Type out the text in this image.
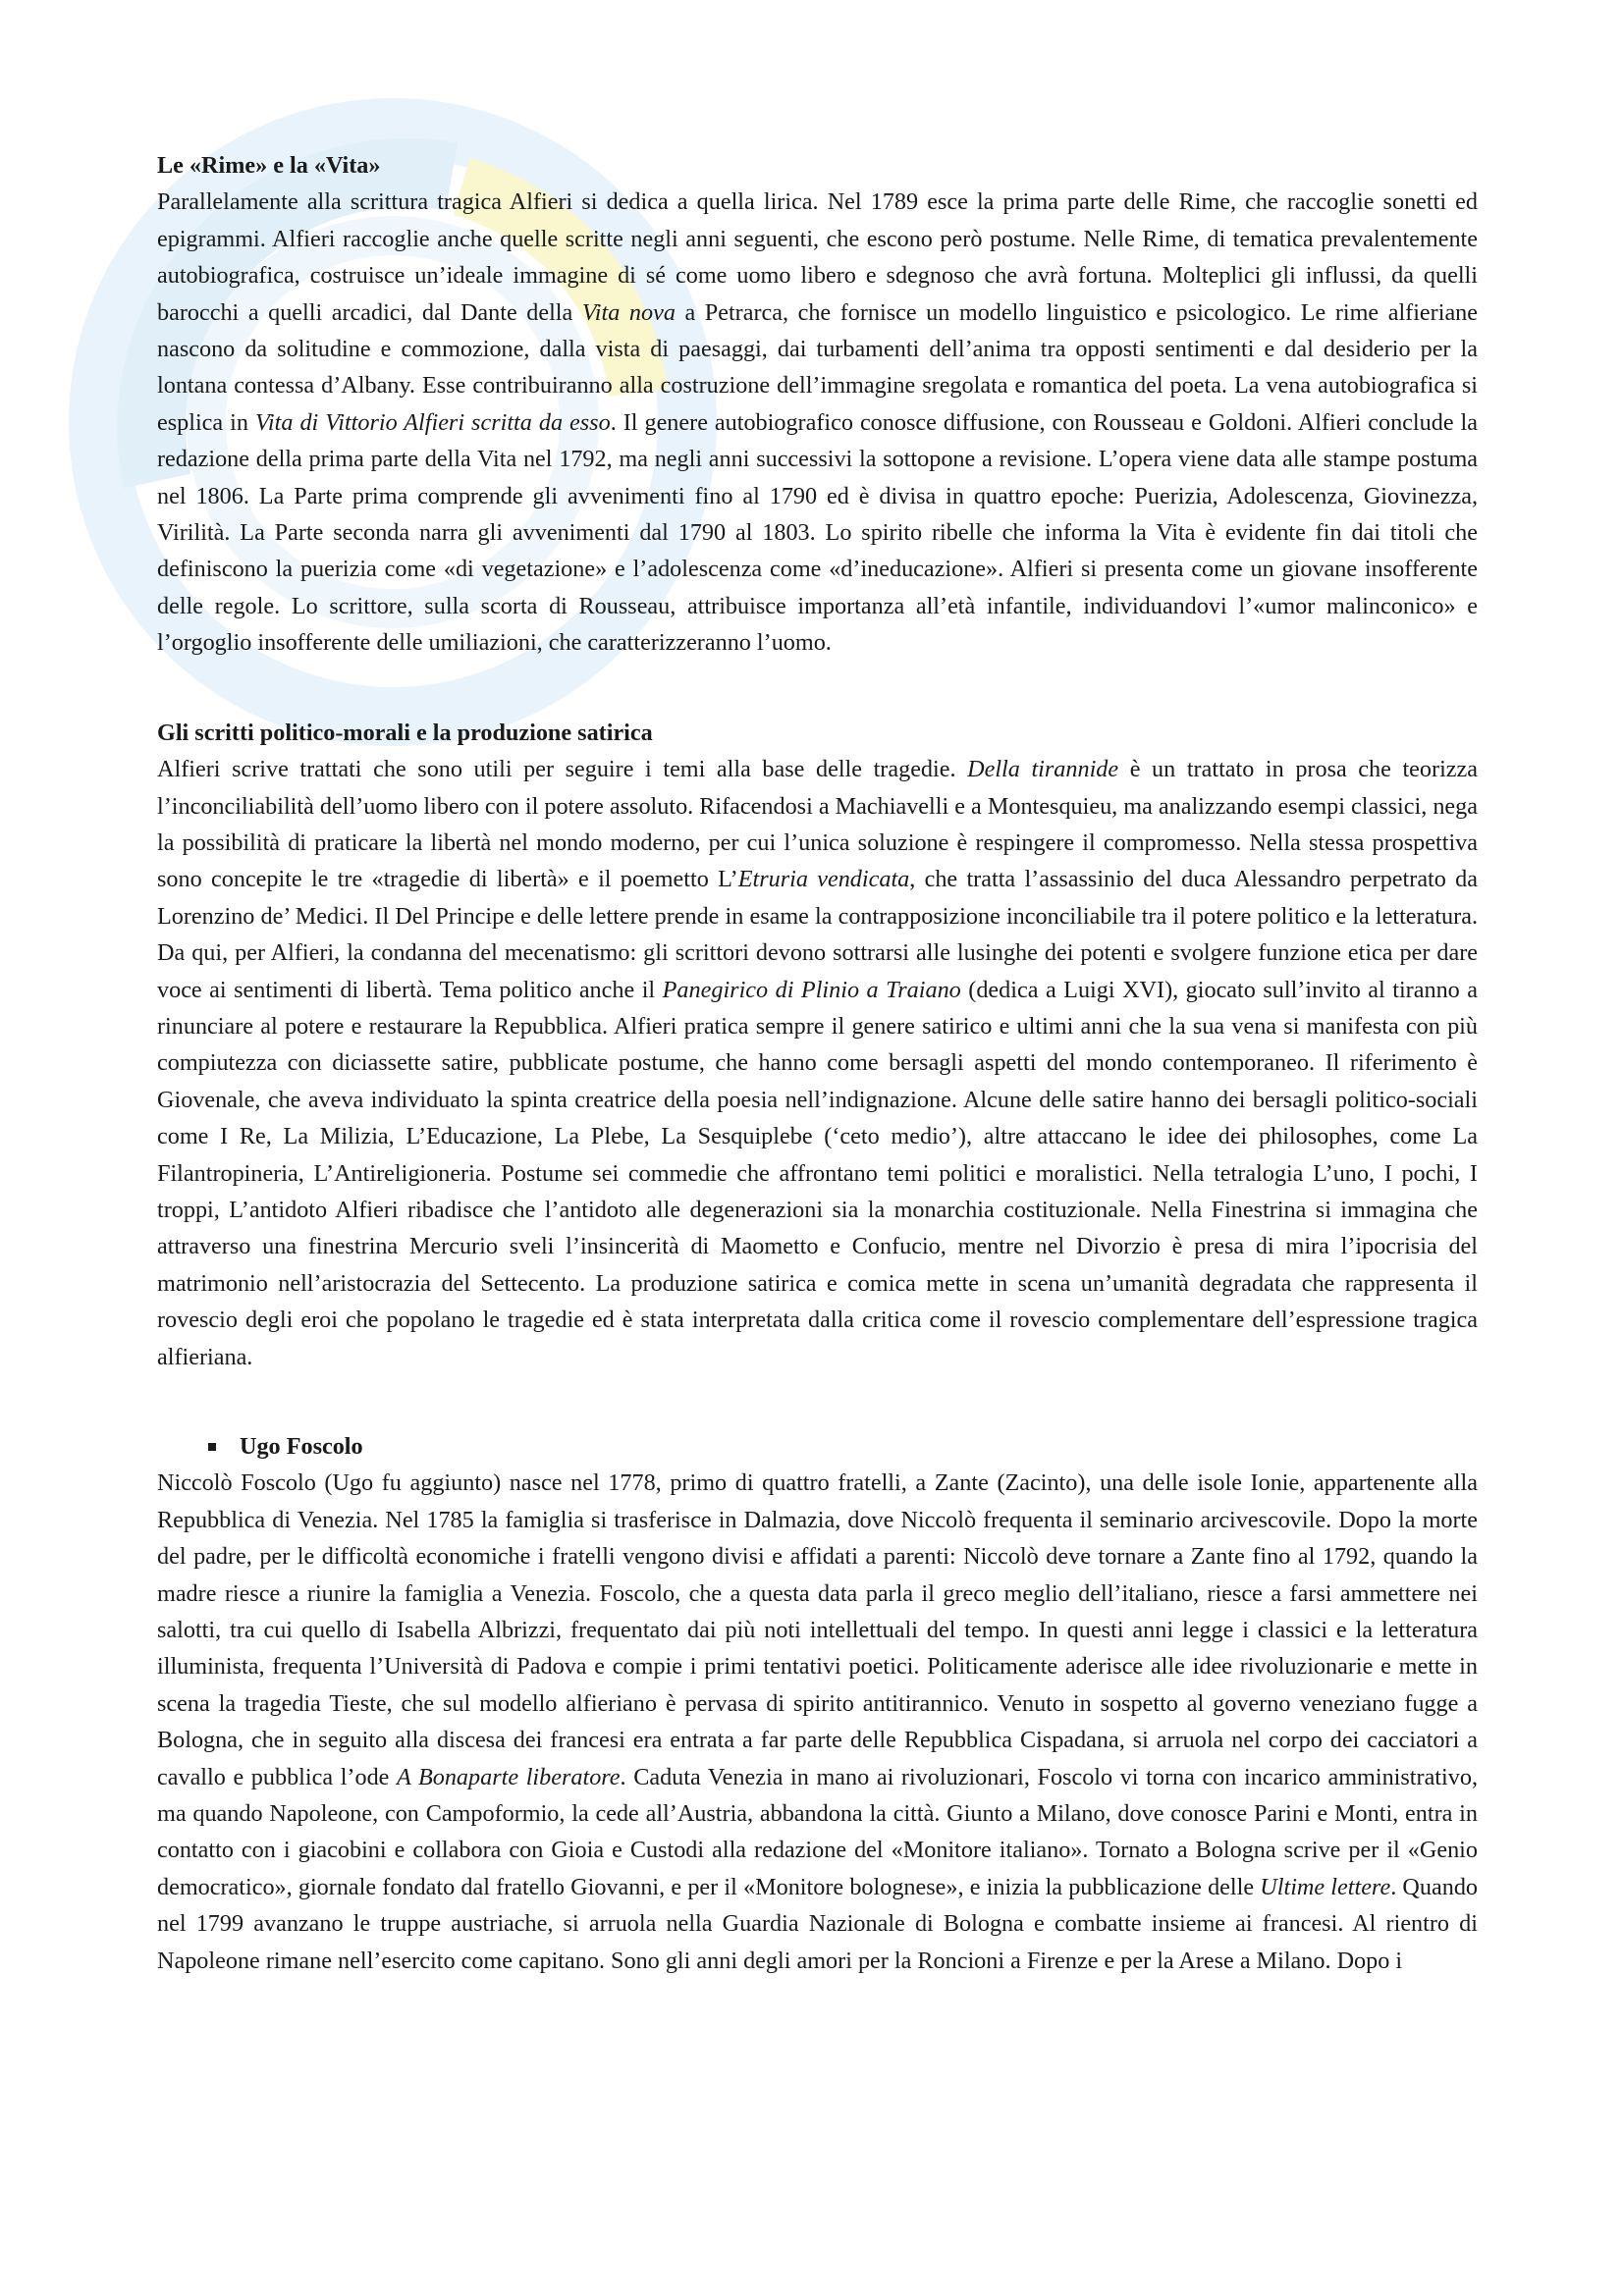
Le «Rime» e la «Vita»

Parallelamente alla scrittura tragica Alfieri si dedica a quella lirica. Nel 1789 esce la prima parte delle Rime, che raccoglie sonetti ed epigrammi. Alfieri raccoglie anche quelle scritte negli anni seguenti, che escono però postume. Nelle Rime, di tematica prevalentemente autobiografica, costruisce un’ideale immagine di sé come uomo libero e sdegnoso che avrà fortuna. Molteplici gli influssi, da quelli barocchi a quelli arcadici, dal Dante della Vita nova a Petrarca, che fornisce un modello linguistico e psicologico. Le rime alfieriane nascono da solitudine e commozione, dalla vista di paesaggi, dai turbamenti dell’anima tra opposti sentimenti e dal desiderio per la lontana contessa d’Albany. Esse contribuiranno alla costruzione dell’immagine sregolata e romantica del poeta. La vena autobiografica si esplica in Vita di Vittorio Alfieri scritta da esso. Il genere autobiografico conosce diffusione, con Rousseau e Goldoni. Alfieri conclude la redazione della prima parte della Vita nel 1792, ma negli anni successivi la sottopone a revisione. L’opera viene data alle stampe postuma nel 1806. La Parte prima comprende gli avvenimenti fino al 1790 ed è divisa in quattro epoche: Puerizia, Adolescenza, Giovinezza, Virilità. La Parte seconda narra gli avvenimenti dal 1790 al 1803. Lo spirito ribelle che informa la Vita è evidente fin dai titoli che definiscono la puerizia come «di vegetazione» e l’adolescenza come «d’ineducazione». Alfieri si presenta come un giovane insofferente delle regole. Lo scrittore, sulla scorta di Rousseau, attribuisce importanza all’età infantile, individuandovi l’«umor malinconico» e l’orgoglio insofferente delle umiliazioni, che caratterizzeranno l’uomo.

Gli scritti politico-morali e la produzione satirica

Alfieri scrive trattati che sono utili per seguire i temi alla base delle tragedie. Della tirannide è un trattato in prosa che teorizza l’inconciliabilità dell’uomo libero con il potere assoluto. Rifacendosi a Machiavelli e a Montesquieu, ma analizzando esempi classici, nega la possibilità di praticare la libertà nel mondo moderno, per cui l’unica soluzione è respingere il compromesso. Nella stessa prospettiva sono concepite le tre «tragedie di libertà» e il poemetto L’Etruria vendicata, che tratta l’assassinio del duca Alessandro perpetrato da Lorenzino de’ Medici. Il Del Principe e delle lettere prende in esame la contrapposizione inconciliabile tra il potere politico e la letteratura. Da qui, per Alfieri, la condanna del mecenatismo: gli scrittori devono sottrarsi alle lusinghe dei potenti e svolgere funzione etica per dare voce ai sentimenti di libertà. Tema politico anche il Panegirico di Plinio a Traiano (dedica a Luigi XVI), giocato sull’invito al tiranno a rinunciare al potere e restaurare la Repubblica. Alfieri pratica sempre il genere satirico e ultimi anni che la sua vena si manifesta con più compiutezza con diciassette satire, pubblicate postume, che hanno come bersagli aspetti del mondo contemporaneo. Il riferimento è Giovenale, che aveva individuato la spinta creatrice della poesia nell’indignazione. Alcune delle satire hanno dei bersagli politico-sociali come I Re, La Milizia, L’Educazione, La Plebe, La Sesquiplebe (‘ceto medio’), altre attaccano le idee dei philosophes, come La Filantropineria, L’Antireligioneria. Postume sei commedie che affrontano temi politici e moralistici. Nella tetralogia L’uno, I pochi, I troppi, L’antidoto Alfieri ribadisce che l’antidoto alle degenerazioni sia la monarchia costituzionale. Nella Finestrina si immagina che attraverso una finestrina Mercurio sveli l’insincerità di Maometto e Confucio, mentre nel Divorzio è presa di mira l’ipocrisia del matrimonio nell’aristocrazia del Settecento. La produzione satirica e comica mette in scena un’umanità degradata che rappresenta il rovescio degli eroi che popolano le tragedie ed è stata interpretata dalla critica come il rovescio complementare dell’espressione tragica alfieriana.

Ugo Foscolo

Niccolò Foscolo (Ugo fu aggiunto) nasce nel 1778, primo di quattro fratelli, a Zante (Zacinto), una delle isole Ionie, appartenente alla Repubblica di Venezia. Nel 1785 la famiglia si trasferisce in Dalmazia, dove Niccolò frequenta il seminario arcivescovile. Dopo la morte del padre, per le difficoltà economiche i fratelli vengono divisi e affidati a parenti: Niccolò deve tornare a Zante fino al 1792, quando la madre riesce a riunire la famiglia a Venezia. Foscolo, che a questa data parla il greco meglio dell’italiano, riesce a farsi ammettere nei salotti, tra cui quello di Isabella Albrizzi, frequentato dai più noti intellettuali del tempo. In questi anni legge i classici e la letteratura illuminista, frequenta l’Università di Padova e compie i primi tentativi poetici. Politicamente aderisce alle idee rivoluzionarie e mette in scena la tragedia Tieste, che sul modello alfieriano è pervasa di spirito antitirannico. Venuto in sospetto al governo veneziano fugge a Bologna, che in seguito alla discesa dei francesi era entrata a far parte delle Repubblica Cispadana, si arruola nel corpo dei cacciatori a cavallo e pubblica l’ode A Bonaparte liberatore. Caduta Venezia in mano ai rivoluzionari, Foscolo vi torna con incarico amministrativo, ma quando Napoleone, con Campoformio, la cede all’Austria, abbandona la città. Giunto a Milano, dove conosce Parini e Monti, entra in contatto con i giacobini e collabora con Gioia e Custodi alla redazione del «Monitore italiano». Tornato a Bologna scrive per il «Genio democratico», giornale fondato dal fratello Giovanni, e per il «Monitore bolognese», e inizia la pubblicazione delle Ultime lettere. Quando nel 1799 avanzano le truppe austriache, si arruola nella Guardia Nazionale di Bologna e combatte insieme ai francesi. Al rientro di Napoleone rimane nell’esercito come capitano. Sono gli anni degli amori per la Roncioni a Firenze e per la Arese a Milano. Dopo i
